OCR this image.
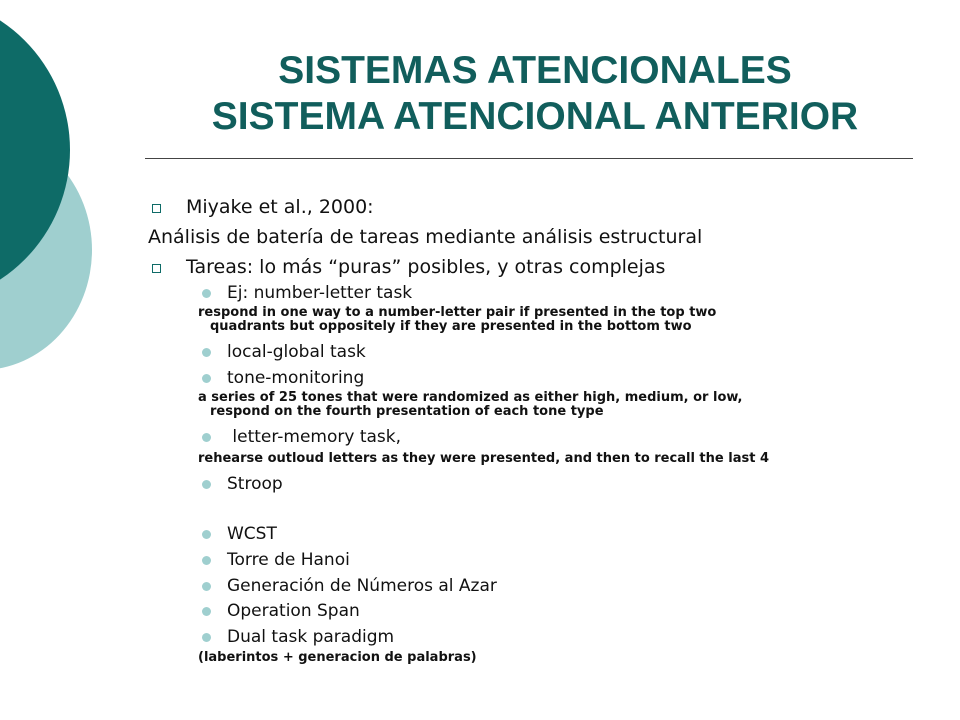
SISTEMAS ATENCIONALES
SISTEMA ATENCIONAL ANTERIOR
Miyake et al., 2000:
Análisis de batería de tareas mediante análisis estructural
Tareas: lo más “puras” posibles, y otras complejas
Ej: number-letter task
respond in one way to a number-letter pair if presented in the top two
quadrants but oppositely if they are presented in the bottom two
local-global task
tone-monitoring
a series of 25 tones that were randomized as either high, medium, or low,
respond on the fourth presentation of each tone type
letter-memory task,
rehearse outloud letters as they were presented, and then to recall the last 4
Stroop
WCST
Torre de Hanoi
Generación de Números al Azar
Operation Span
Dual task paradigm
(laberintos + generacion de palabras)
